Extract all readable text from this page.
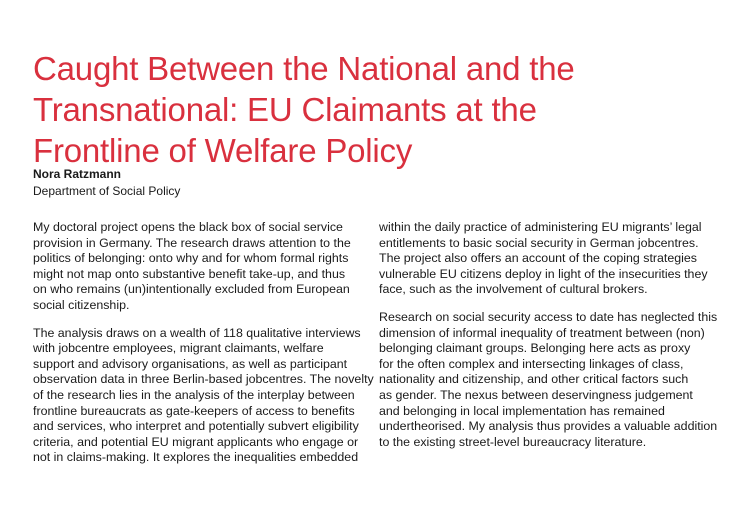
Caught Between the National and the
Transnational: EU Claimants at the
Frontline of Welfare Policy
Nora Ratzmann
Department of Social Policy

My doctoral project opens the black box of social service
provision in Germany. The research draws attention to the
politics of belonging: onto why and for whom formal rights
might not map onto substantive benefit take-up, and thus
on who remains (un)intentionally excluded from European
social citizenship.

The analysis draws on a wealth of 118 qualitative interviews
with jobcentre employees, migrant claimants, welfare
support and advisory organisations, as well as participant
observation data in three Berlin-based jobcentres. The novelty
of the research lies in the analysis of the interplay between
frontline bureaucrats as gate-keepers of access to benefits
and services, who interpret and potentially subvert eligibility
criteria, and potential EU migrant applicants who engage or
not in claims-making. It explores the inequalities embedded

within the daily practice of administering EU migrants’ legal
entitlements to basic social security in German jobcentres.
The project also offers an account of the coping strategies
vulnerable EU citizens deploy in light of the insecurities they
face, such as the involvement of cultural brokers.

Research on social security access to date has neglected this
dimension of informal inequality of treatment between (non)
belonging claimant groups. Belonging here acts as proxy
for the often complex and intersecting linkages of class,
nationality and citizenship, and other critical factors such
as gender. The nexus between deservingness judgement
and belonging in local implementation has remained
undertheorised. My analysis thus provides a valuable addition
to the existing street-level bureaucracy literature.
